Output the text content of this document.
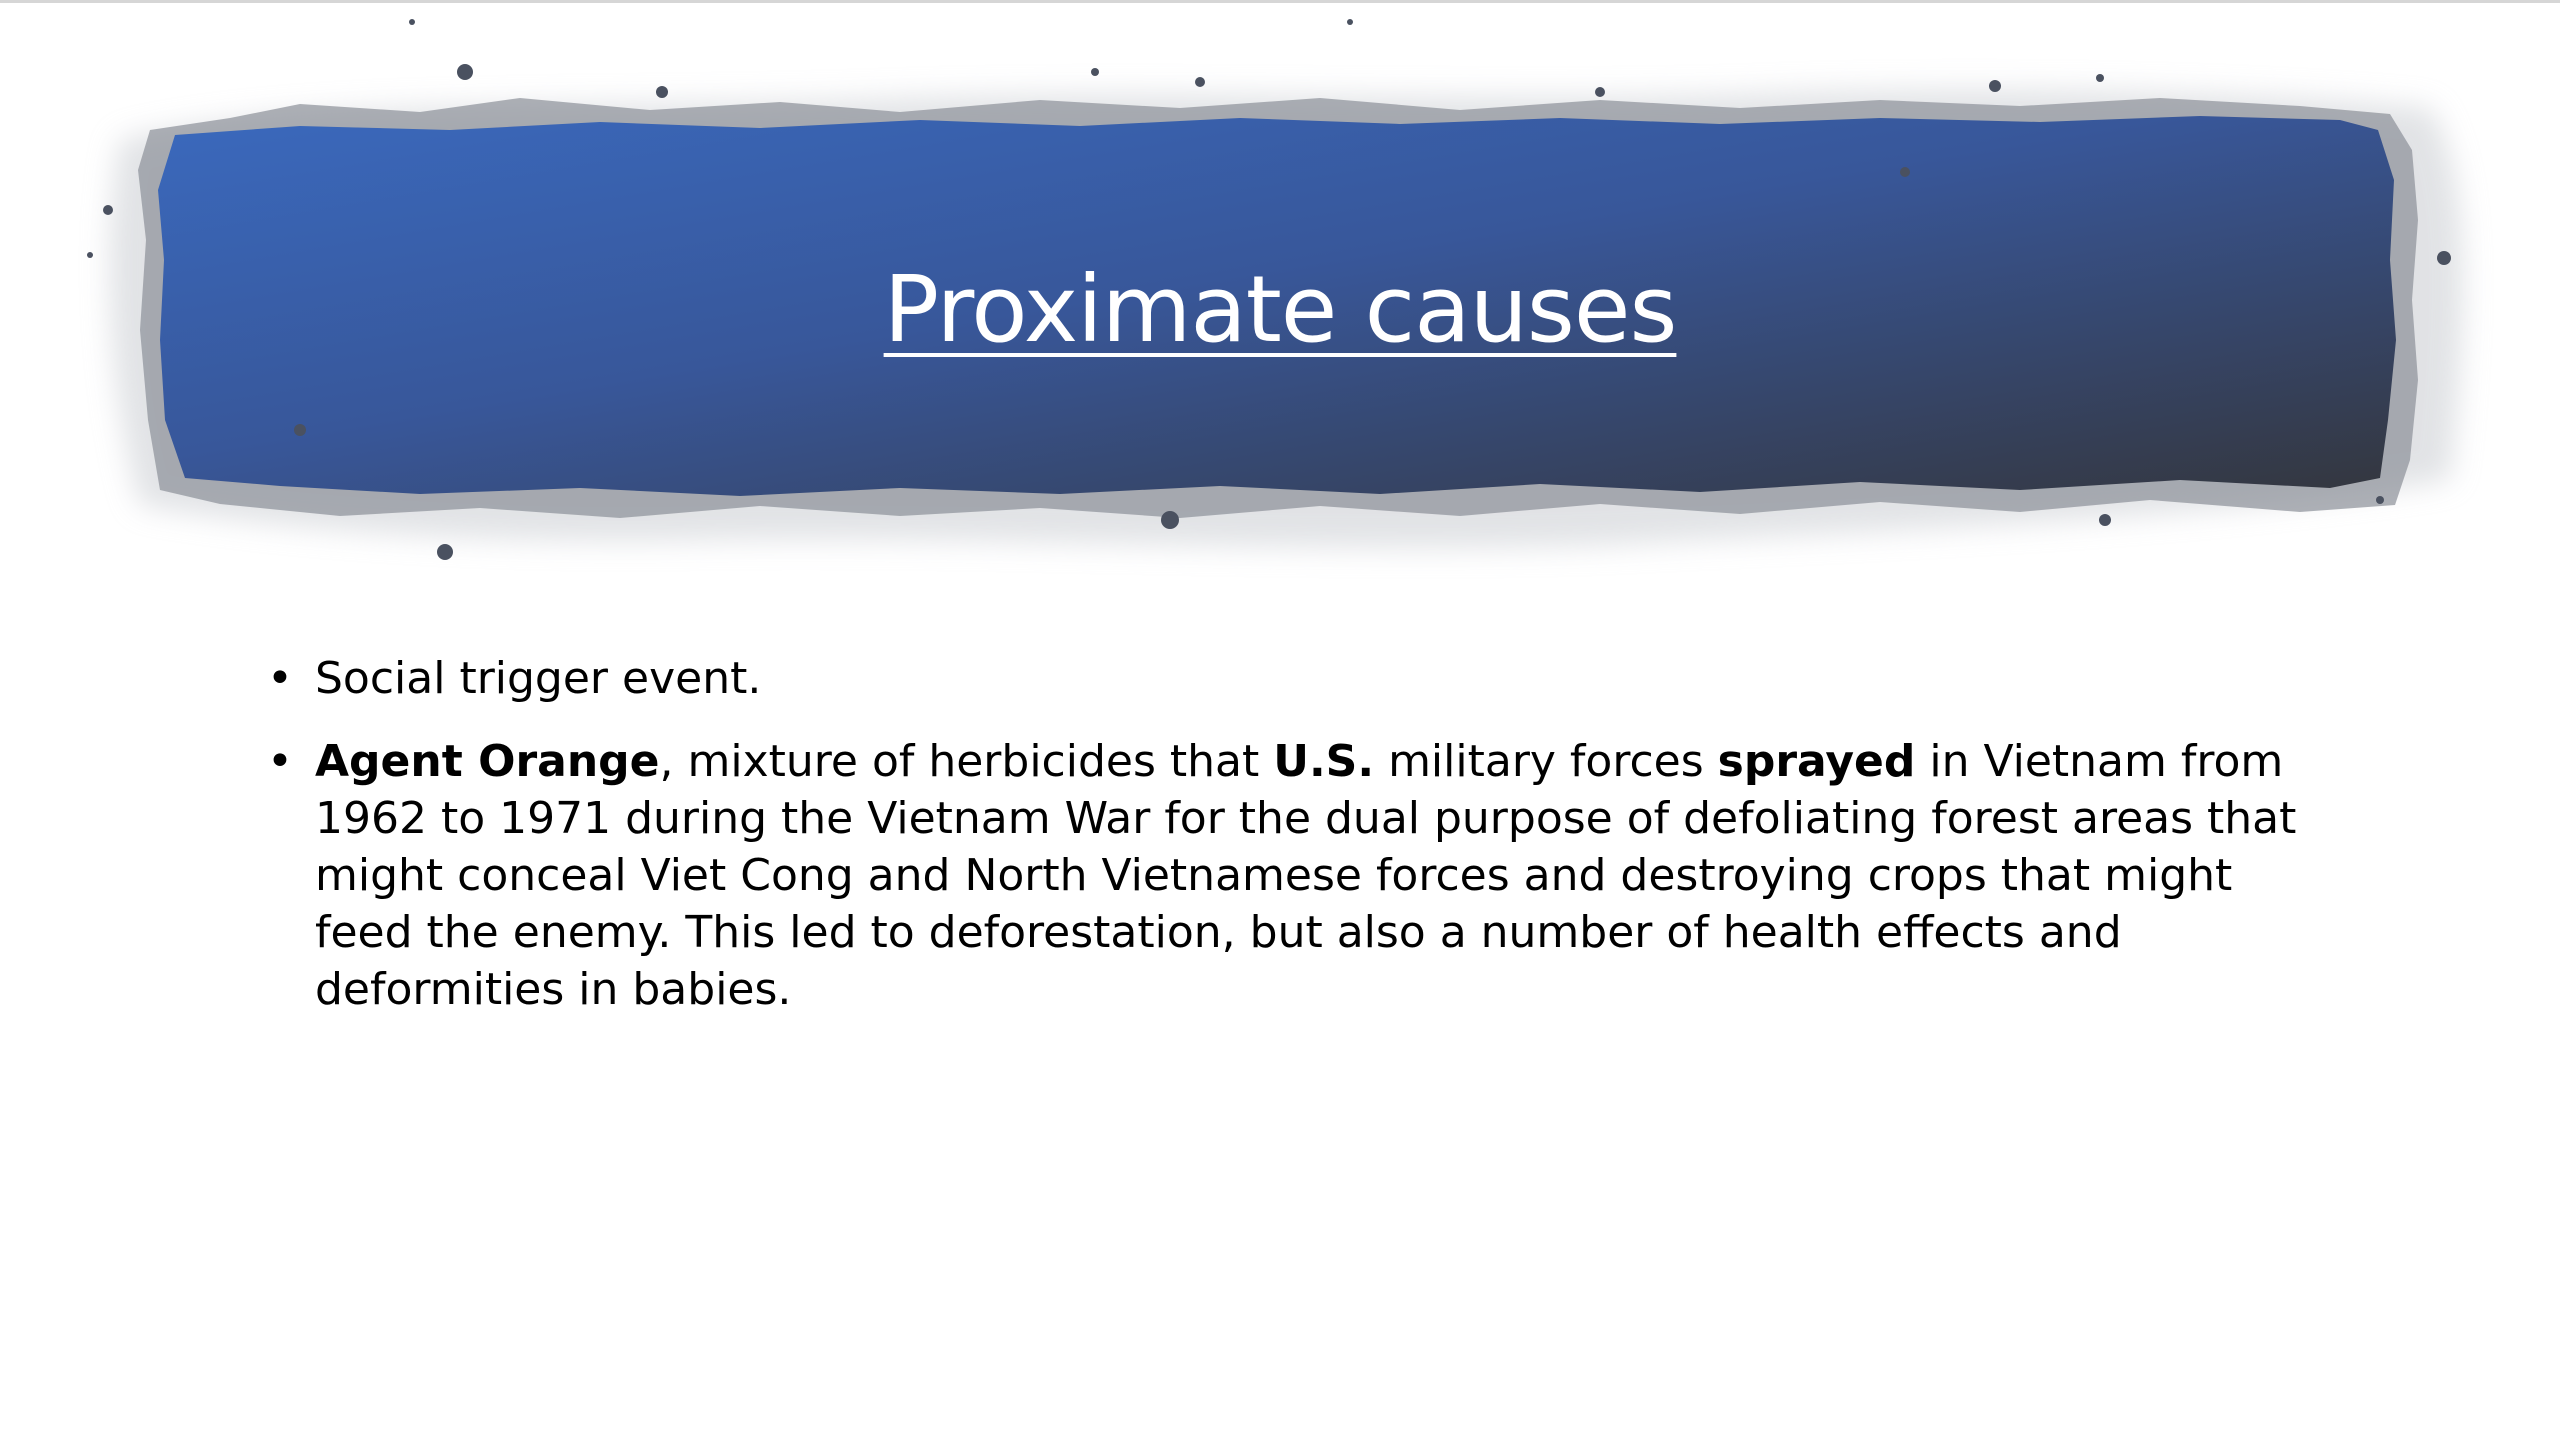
Proximate causes
• Social trigger event.
• Agent Orange, mixture of herbicides that U.S. military forces sprayed in Vietnam from 1962 to 1971 during the Vietnam War for the dual purpose of defoliating forest areas that might conceal Viet Cong and North Vietnamese forces and destroying crops that might feed the enemy. This led to deforestation, but also a number of health effects and deformities in babies.
